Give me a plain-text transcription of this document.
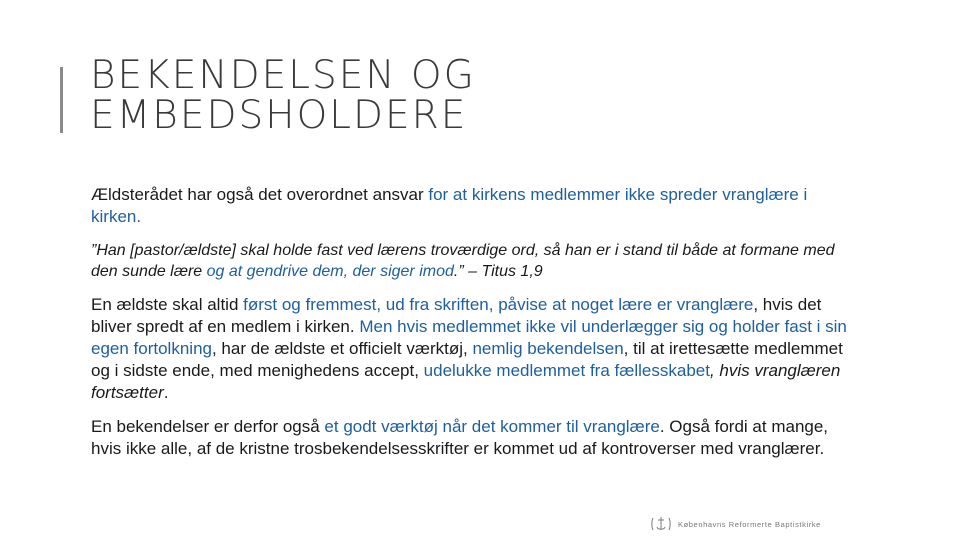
BEKENDELSEN OG
EMBEDSHOLDERE

Ældsterådet har også det overordnet ansvar for at kirkens medlemmer ikke spreder vranglære i kirken.

”Han [pastor/ældste] skal holde fast ved lærens troværdige ord, så han er i stand til både at formane med den sunde lære og at gendrive dem, der siger imod.” – Titus 1,9

En ældste skal altid først og fremmest, ud fra skriften, påvise at noget lære er vranglære, hvis det bliver spredt af en medlem i kirken. Men hvis medlemmet ikke vil underlægger sig og holder fast i sin egen fortolkning, har de ældste et officielt værktøj, nemlig bekendelsen, til at irettesætte medlemmet og i sidste ende, med menighedens accept, udelukke medlemmet fra fællesskabet, hvis vranglæren fortsætter.

En bekendelser er derfor også et godt værktøj når det kommer til vranglære. Også fordi at mange, hvis ikke alle, af de kristne trosbekendelsesskrifter er kommet ud af kontroverser med vranglærer.

Københavns Reformerte Baptistkirke
